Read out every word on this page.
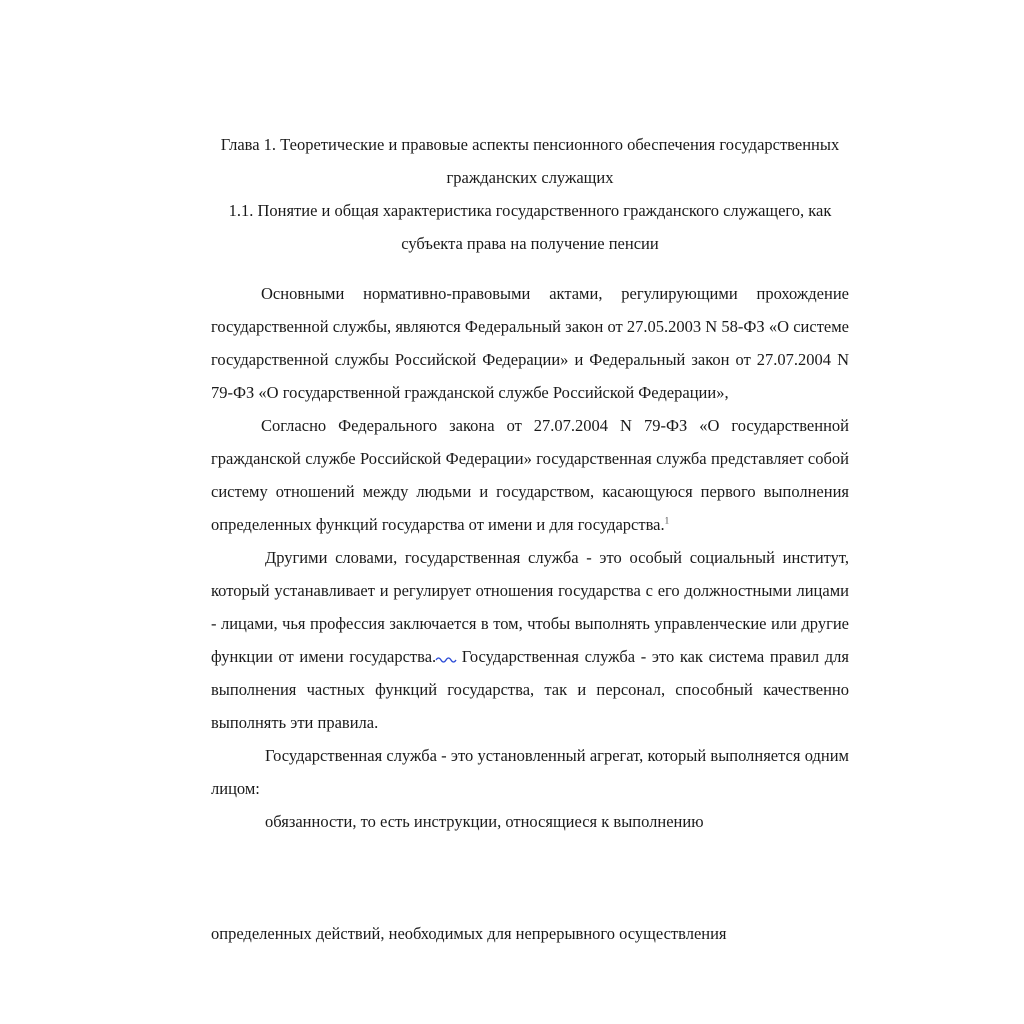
Глава 1. Теоретические и правовые аспекты пенсионного обеспечения государственных гражданских служащих

1.1. Понятие и общая характеристика государственного гражданского служащего, как субъекта права на получение пенсии

Основными нормативно-правовыми актами, регулирующими прохождение государственной службы, являются Федеральный закон от 27.05.2003 N 58-ФЗ «О системе государственной службы Российской Федерации» и Федеральный закон от 27.07.2004 N 79-ФЗ «О государственной гражданской службе Российской Федерации»,

Согласно Федерального закона от 27.07.2004 N 79-ФЗ «О государственной гражданской службе Российской Федерации» государственная служба представляет собой систему отношений между людьми и государством, касающуюся первого выполнения определенных функций государства от имени и для государства.$^1$

Другими словами, государственная служба - это особый социальный институт, который устанавливает и регулирует отношения государства с его должностными лицами - лицами, чья профессия заключается в том, чтобы выполнять управленческие или другие функции от имени государства. Государственная служба - это как система правил для выполнения частных функций государства, так и персонал, способный качественно выполнять эти правила.

Государственная служба - это установленный агрегат, который выполняется одним лицом:

обязанности, то есть инструкции, относящиеся к выполнению

определенных действий, необходимых для непрерывного осуществления
